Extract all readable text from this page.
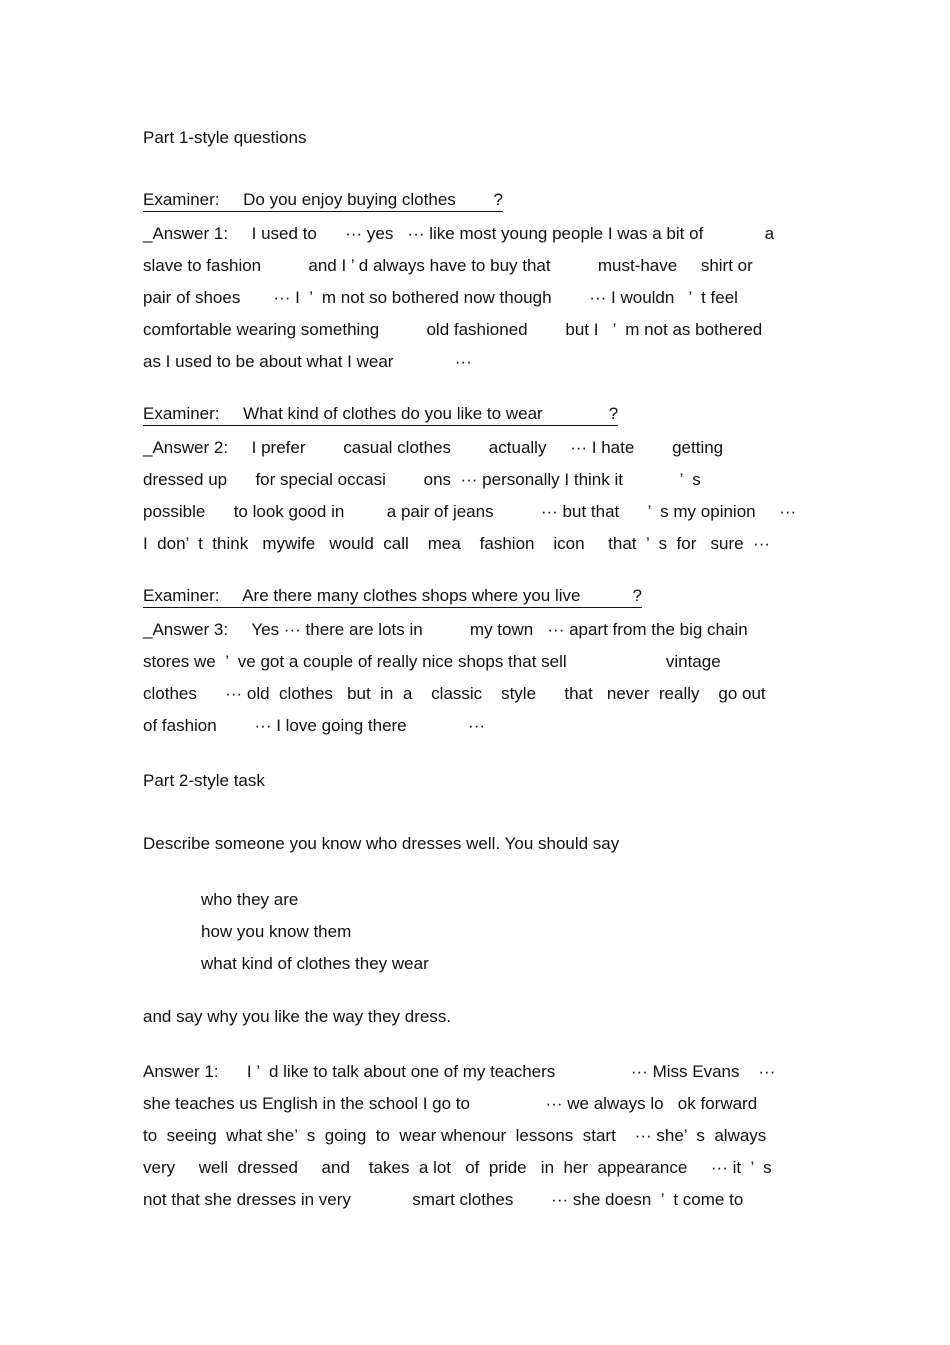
Part 1-style questions
Examiner:     Do you enjoy buying clothes        ?
_Answer 1:     I used to      ··· yes   ··· like most young people I was a bit of             a
slave to fashion          and I ’ d always have to buy that          must-have     shirt or
pair of shoes       ··· I  ’  m not so bothered now though        ··· I wouldn   ’  t feel
comfortable wearing something          old fashioned        but I   ’  m not as bothered
as I used to be about what I wear             ···
Examiner:     What kind of clothes do you like to wear              ?
_Answer 2:     I prefer        casual clothes        actually     ··· I hate        getting
dressed up      for special occasi        ons  ··· personally I think it            ’  s
possible      to look good in         a pair of jeans          ··· but that      ’  s my opinion     ···
I  don’  t  think   mywife   would  call    mea    fashion    icon     that  ’  s  for   sure  ···
Examiner:     Are there many clothes shops where you live           ?
_Answer 3:     Yes ··· there are lots in          my town   ··· apart from the big chain
stores we  ’  ve got a couple of really nice shops that sell                     vintage
clothes      ··· old  clothes   but  in  a    classic    style      that   never  really    go out
of fashion        ··· I love going there             ···
Part 2-style task
Describe someone you know who dresses well. You should say
who they are
how you know them
what kind of clothes they wear
and say why you like the way they dress.
Answer 1:      I ’  d like to talk about one of my teachers                ··· Miss Evans    ···
she teaches us English in the school I go to                ··· we always lo   ok forward
to  seeing  what she’  s  going  to  wear whenour  lessons  start    ··· she’  s  always
very     well  dressed     and    takes  a lot   of  pride   in  her  appearance     ··· it  ’  s
not that she dresses in very             smart clothes        ··· she doesn  ’  t come to
